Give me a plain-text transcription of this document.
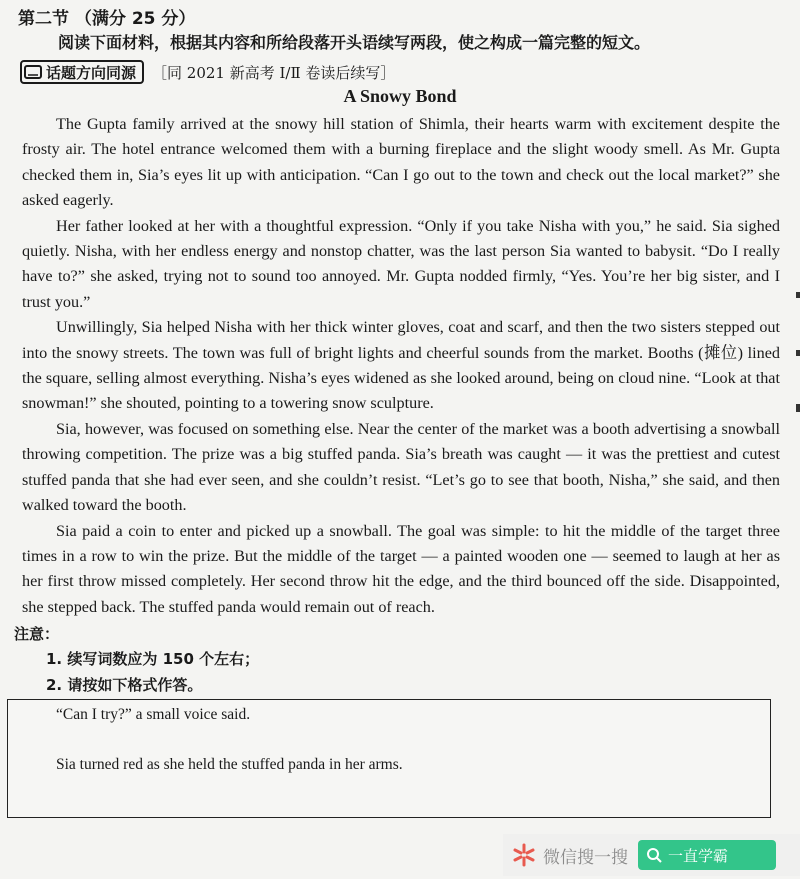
第二节 （满分 25 分）
阅读下面材料，根据其内容和所给段落开头语续写两段，使之构成一篇完整的短文。
话题方向同源 ［同 2021 新高考 Ⅰ/Ⅱ 卷读后续写］
A Snowy Bond

The Gupta family arrived at the snowy hill station of Shimla, their hearts warm with excitement despite the frosty air. The hotel entrance welcomed them with a burning fireplace and the slight woody smell. As Mr. Gupta checked them in, Sia’s eyes lit up with anticipation. “Can I go out to the town and check out the local market?” she asked eagerly.

Her father looked at her with a thoughtful expression. “Only if you take Nisha with you,” he said. Sia sighed quietly. Nisha, with her endless energy and nonstop chatter, was the last person Sia wanted to babysit. “Do I really have to?” she asked, trying not to sound too annoyed. Mr. Gupta nodded firmly, “Yes. You’re her big sister, and I trust you.”

Unwillingly, Sia helped Nisha with her thick winter gloves, coat and scarf, and then the two sisters stepped out into the snowy streets. The town was full of bright lights and cheerful sounds from the market. Booths (摊位) lined the square, selling almost everything. Nisha’s eyes widened as she looked around, being on cloud nine. “Look at that snowman!” she shouted, pointing to a towering snow sculpture.

Sia, however, was focused on something else. Near the center of the market was a booth advertising a snowball throwing competition. The prize was a big stuffed panda. Sia’s breath was caught — it was the prettiest and cutest stuffed panda that she had ever seen, and she couldn’t resist. “Let’s go to see that booth, Nisha,” she said, and then walked toward the booth.

Sia paid a coin to enter and picked up a snowball. The goal was simple: to hit the middle of the target three times in a row to win the prize. But the middle of the target — a painted wooden one — seemed to laugh at her as her first throw missed completely. Her second throw hit the edge, and the third bounced off the side. Disappointed, she stepped back. The stuffed panda would remain out of reach.

注意：
1. 续写词数应为 150 个左右；
2. 请按如下格式作答。
“Can I try?” a small voice said.
Sia turned red as she held the stuffed panda in her arms.
微信搜一搜	一直学霸
